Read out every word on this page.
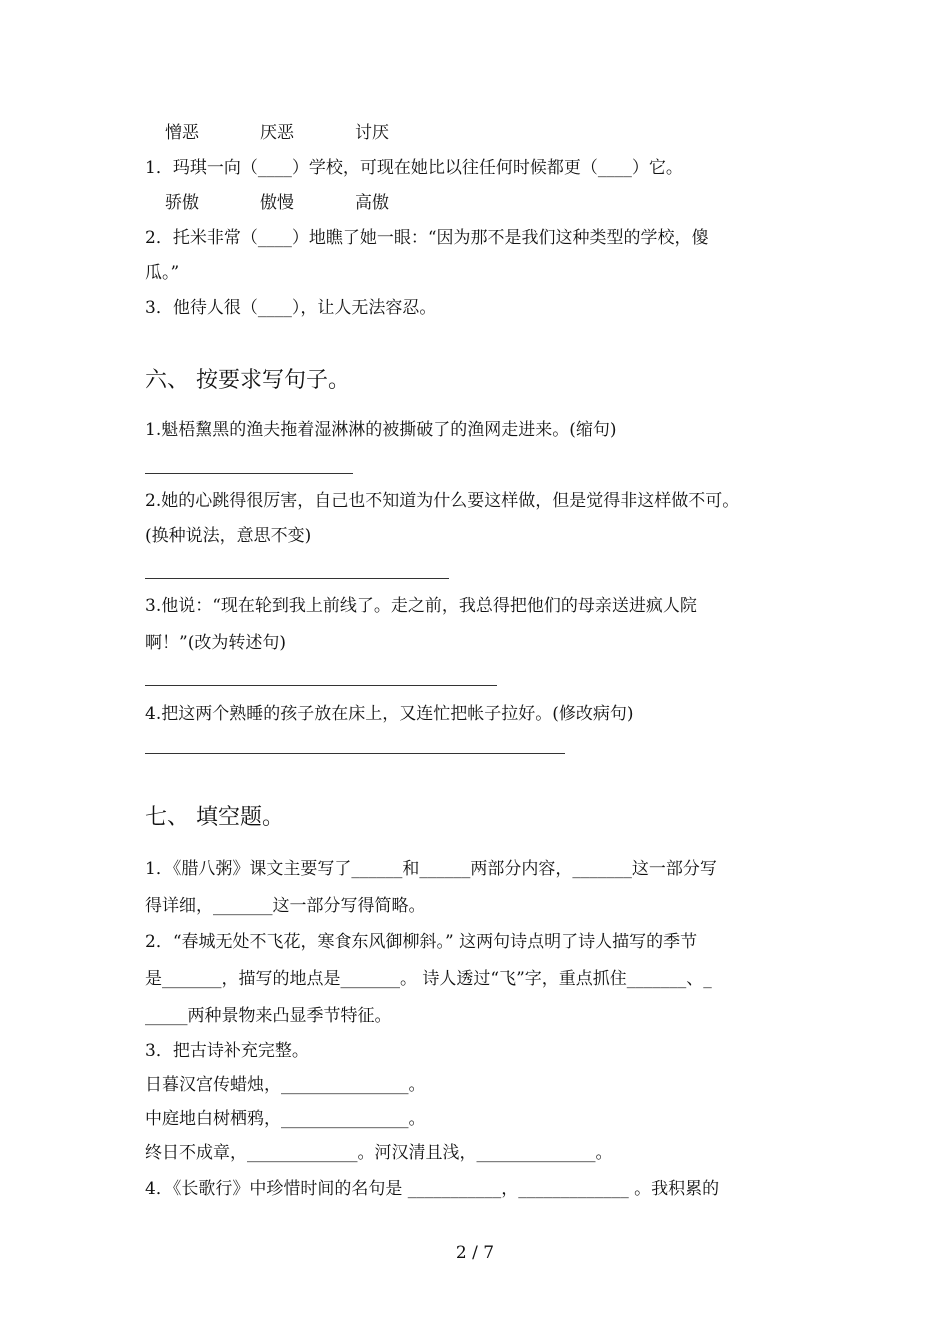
憎恶	厌恶	讨厌
1．玛琪一向（____）学校，可现在她比以往任何时候都更（____）它。
骄傲	傲慢	高傲
2．托米非常（____）地瞧了她一眼：“因为那不是我们这种类型的学校，傻
瓜。”
3．他待人很（____），让人无法容忍。
六、 按要求写句子。
1.魁梧黧黑的渔夫拖着湿淋淋的被撕破了的渔网走进来。(缩句)
2.她的心跳得很厉害，自己也不知道为什么要这样做，但是觉得非这样做不可。
(换种说法，意思不变)
3.他说：“现在轮到我上前线了。走之前，我总得把他们的母亲送进疯人院
啊！”(改为转述句)
4.把这两个熟睡的孩子放在床上，又连忙把帐子拉好。(修改病句)
七、 填空题。
1．《腊八粥》课文主要写了______和______两部分内容，_______这一部分写
得详细，_______这一部分写得简略。
2．“春城无处不飞花，寒食东风御柳斜。” 这两句诗点明了诗人描写的季节
是_______，描写的地点是_______。 诗人透过“飞”字，重点抓住_______、_
_____两种景物来凸显季节特征。
3．把古诗补充完整。
日暮汉宫传蜡烛，_______________。
中庭地白树栖鸦，_______________。
终日不成章，_____________。河汉清且浅，______________。
4．《长歌行》中珍惜时间的名句是 ___________，_____________ 。我积累的
2 / 7
